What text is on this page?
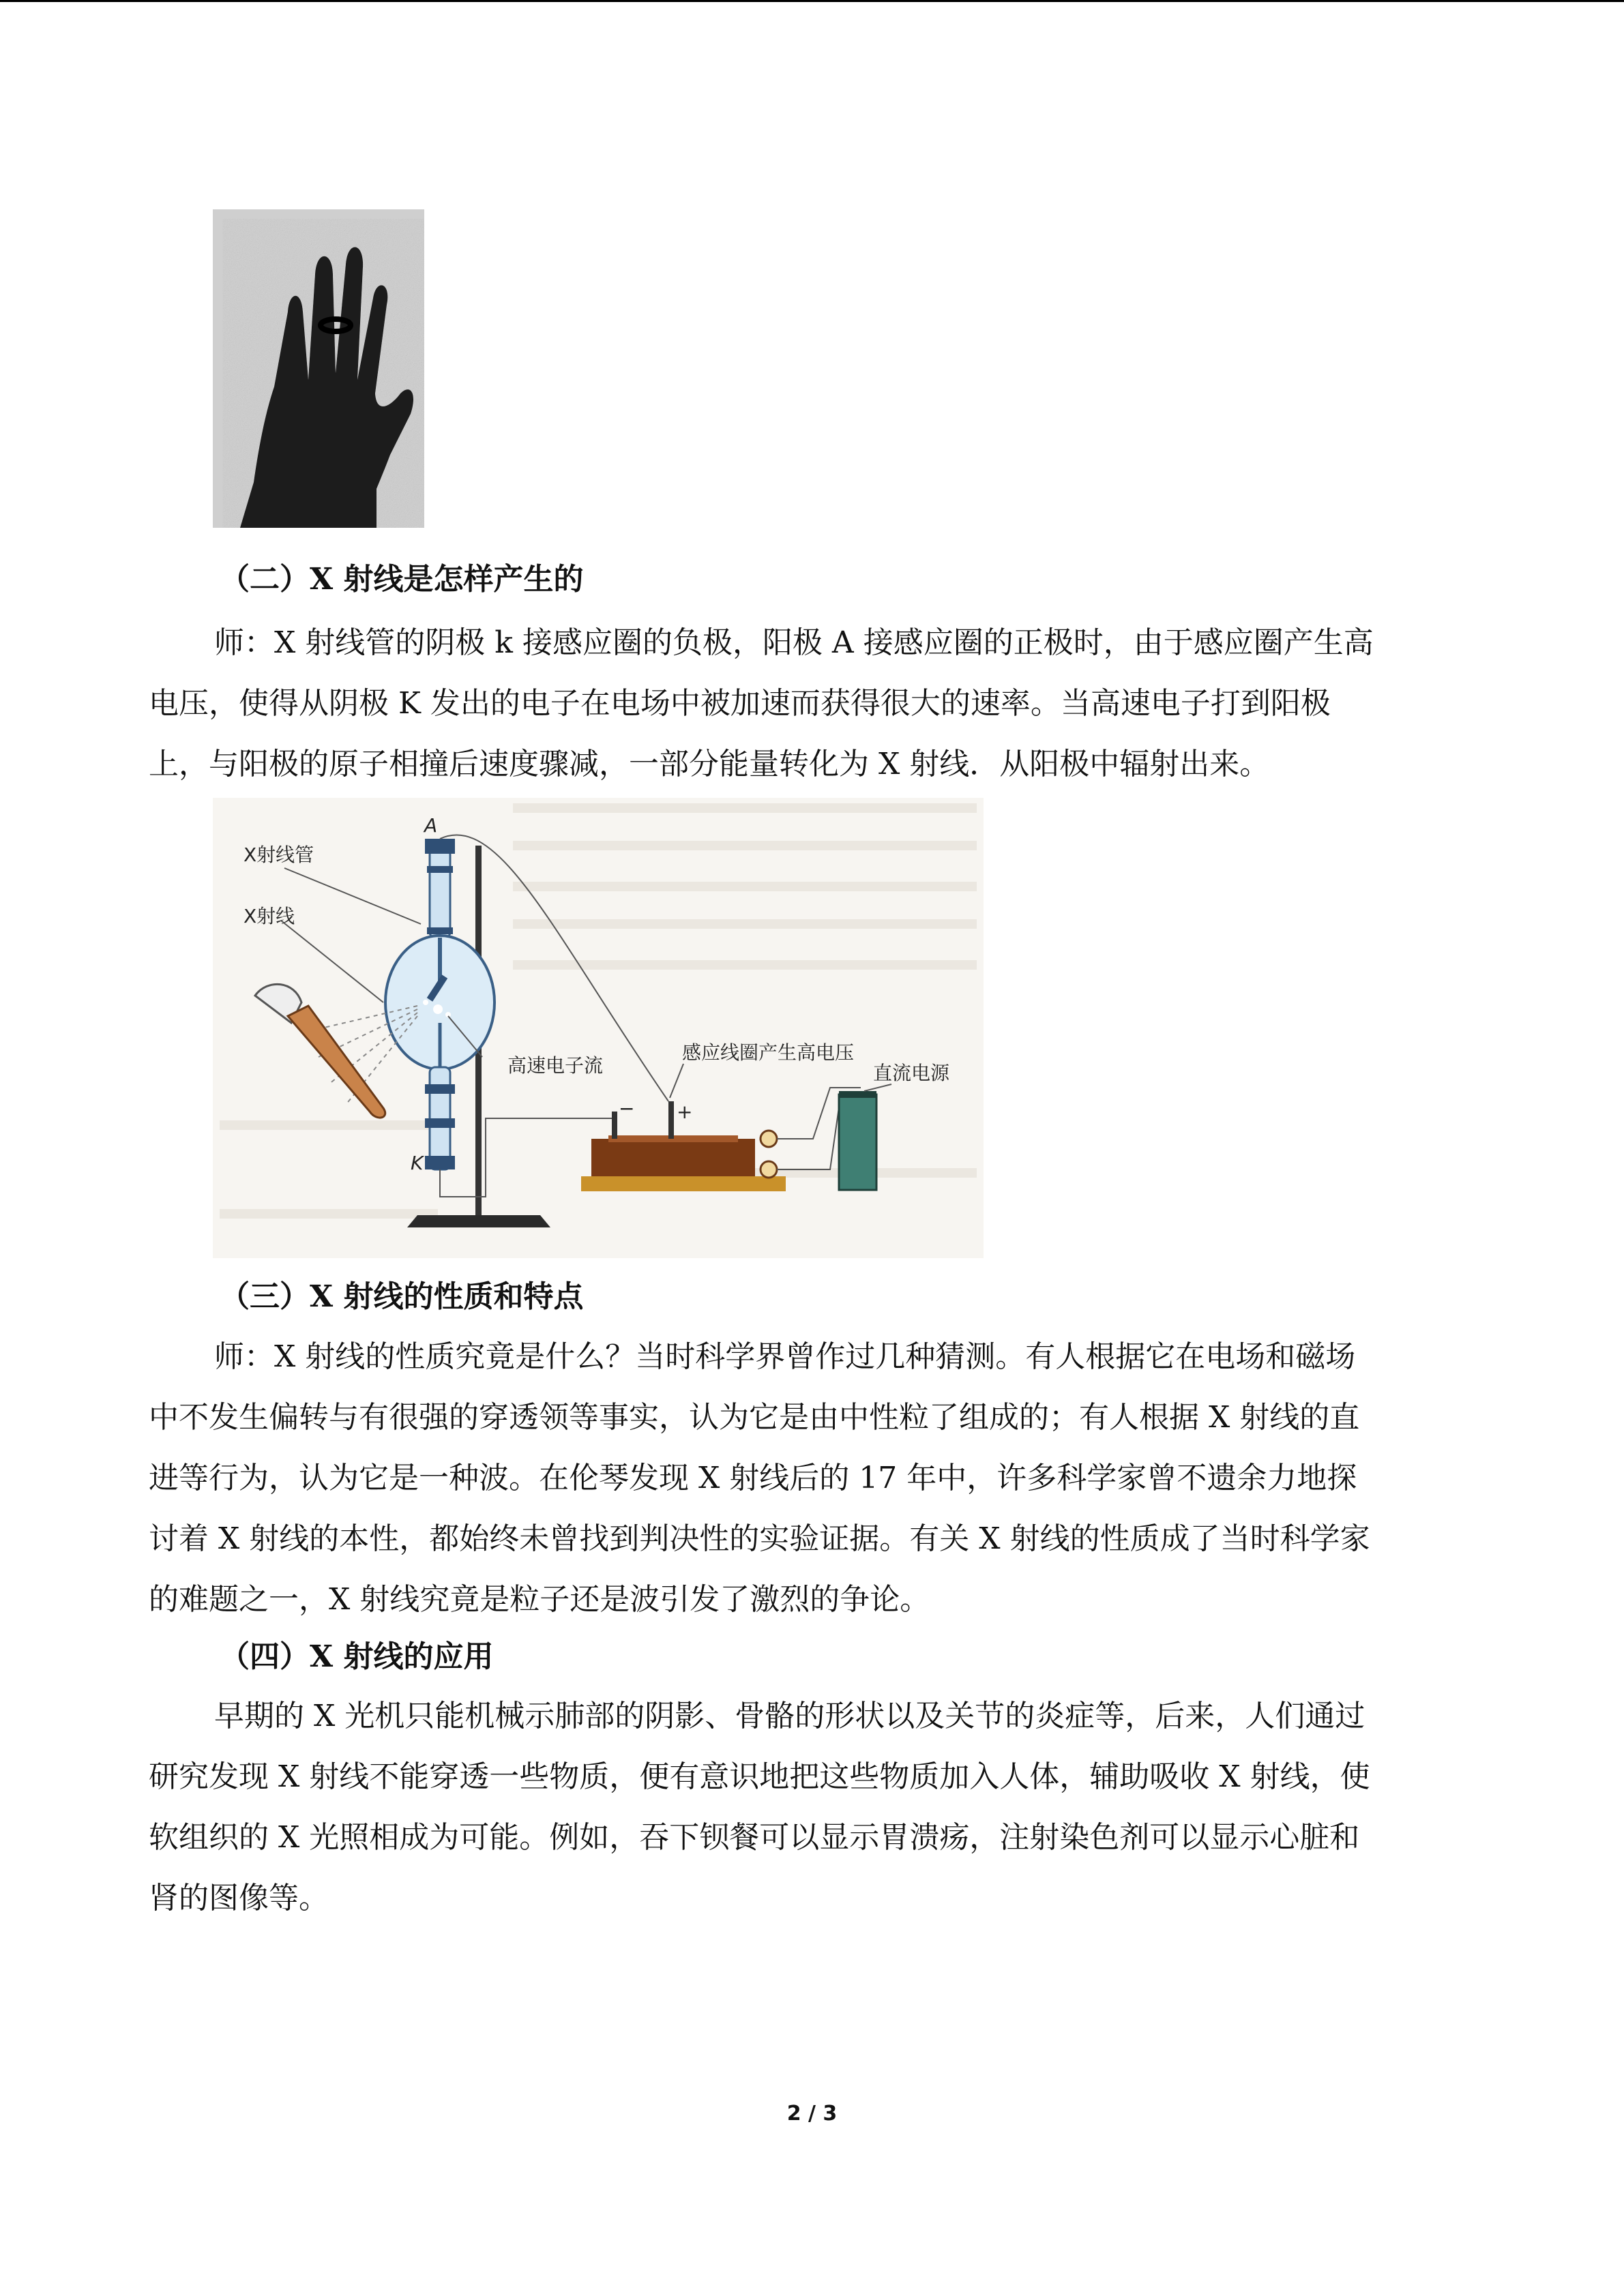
（二）X 射线是怎样产生的
师：X 射线管的阴极 k 接感应圈的负极，阳极 A 接感应圈的正极时，由于感应圈产生高
电压，使得从阴极 K 发出的电子在电场中被加速而获得很大的速率。当高速电子打到阳极
上，与阳极的原子相撞后速度骤减，一部分能量转化为 X 射线．从阳极中辐射出来。
A
K
X射线管
X射线
高速电子流
感应线圈产生高电压
直流电源
− +
（三）X 射线的性质和特点
师：X 射线的性质究竟是什么？当时科学界曾作过几种猜测。有人根据它在电场和磁场
中不发生偏转与有很强的穿透领等事实，认为它是由中性粒了组成的；有人根据 X 射线的直
进等行为，认为它是一种波。在伦琴发现 X 射线后的 17 年中，许多科学家曾不遗余力地探
讨着 X 射线的本性，都始终未曾找到判决性的实验证据。有关 X 射线的性质成了当时科学家
的难题之一，X 射线究竟是粒子还是波引发了激烈的争论。
（四）X 射线的应用
早期的 X 光机只能机械示肺部的阴影、骨骼的形状以及关节的炎症等，后来，人们通过
研究发现 X 射线不能穿透一些物质，便有意识地把这些物质加入人体，辅助吸收 X 射线，使
软组织的 X 光照相成为可能。例如，吞下钡餐可以显示胃溃疡，注射染色剂可以显示心脏和
肾的图像等。
2 / 3
